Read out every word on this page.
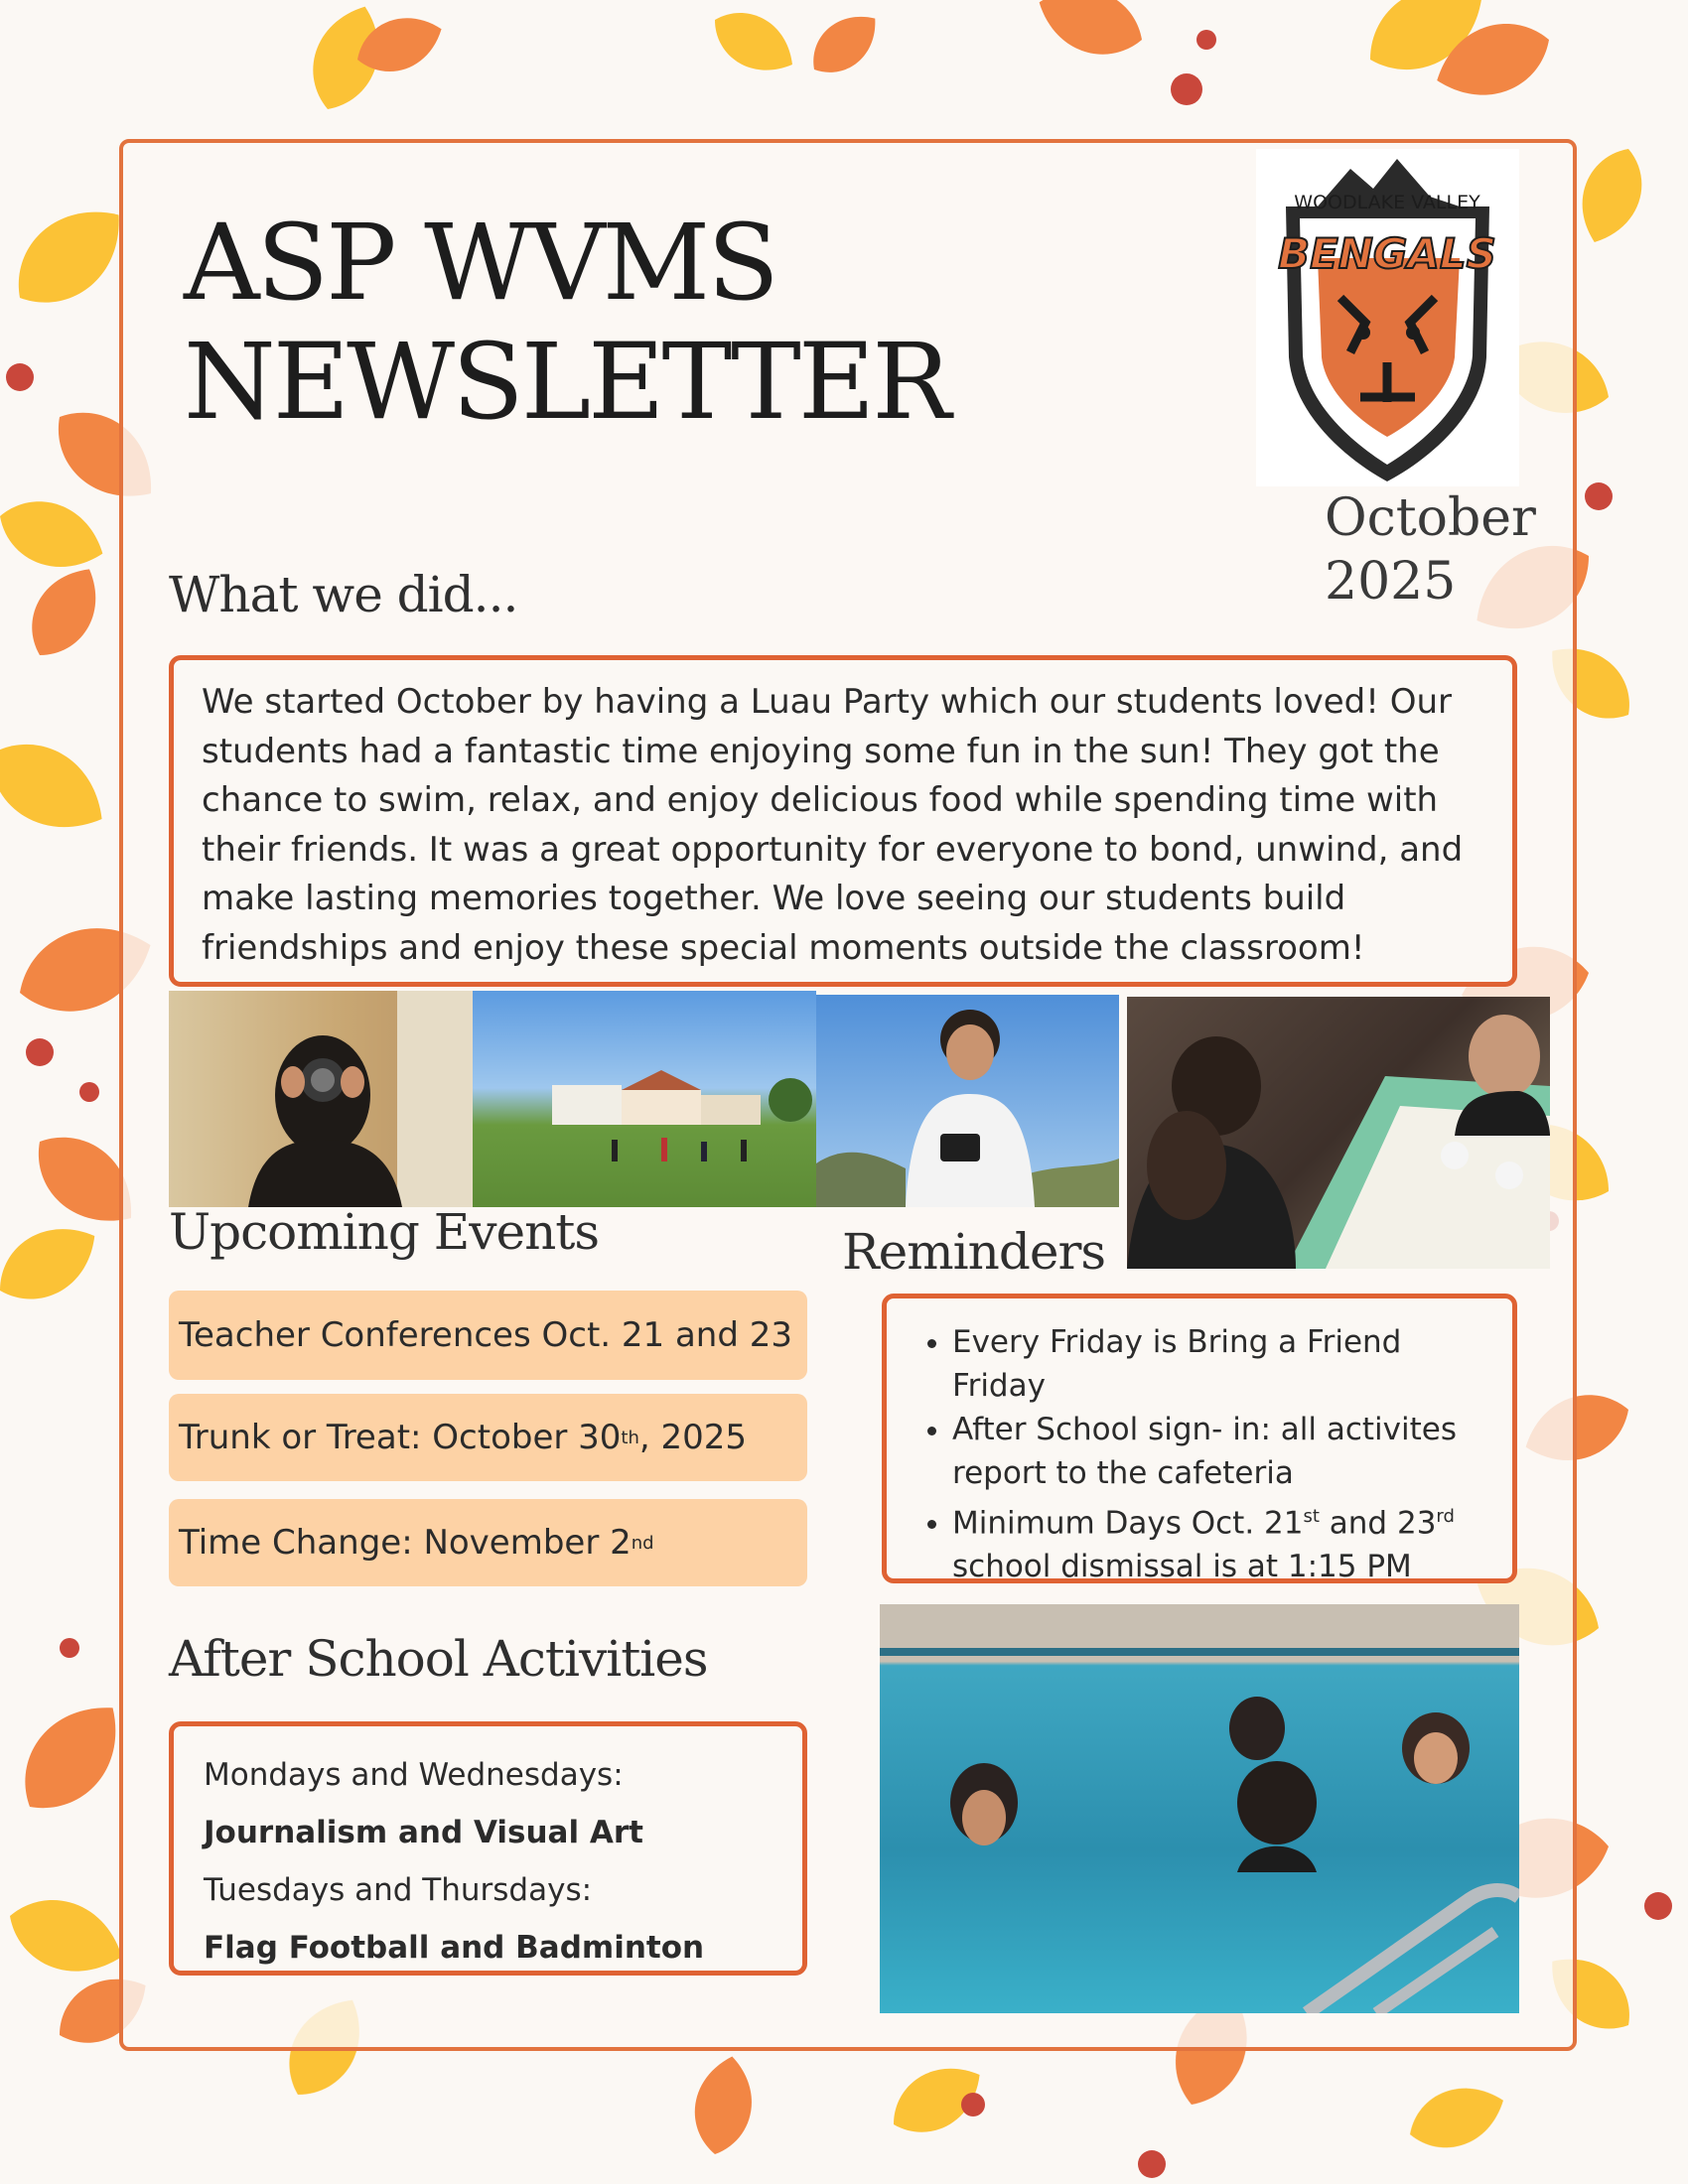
ASP WVMS
NEWSLETTER
WOODLAKE VALLEY
BENGALS
October
2025
What we did...
We started October by having a Luau Party which our students loved! Our
students had a fantastic time enjoying some fun in the sun! They got the
chance to swim, relax, and enjoy delicious food while spending time with
their friends. It was a great opportunity for everyone to bond, unwind, and
make lasting memories together. We love seeing our students build
friendships and enjoy these special moments outside the classroom!
Upcoming Events
Teacher Conferences Oct. 21 and 23
Trunk or Treat: October 30 th , 2025
Time Change: November 2 nd
Reminders
• Every Friday is Bring a Friend Friday
• After School sign- in: all activites report to the cafeteria
• Minimum Days Oct. 21st and 23rd school dismissal is at 1:15 PM
After School Activities
Mondays and Wednesdays:
Journalism and Visual Art
Tuesdays and Thursdays:
Flag Football and Badminton
